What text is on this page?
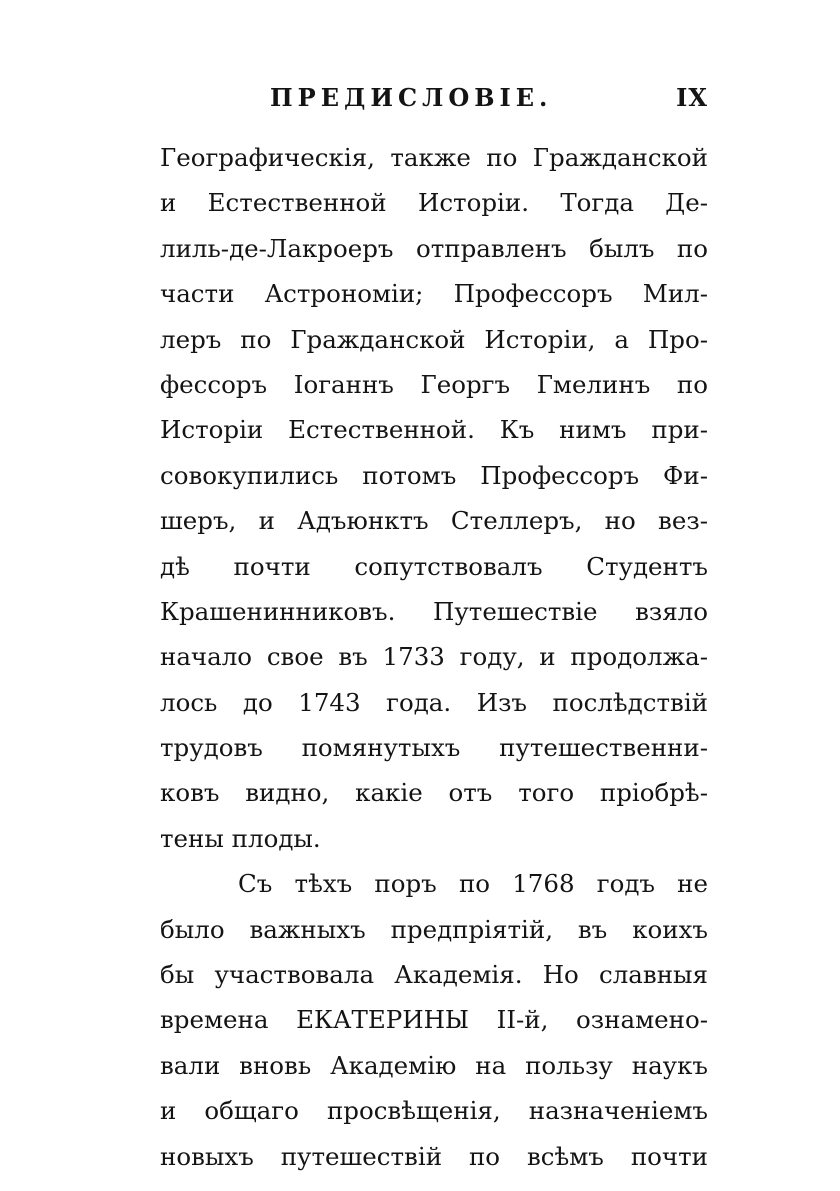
ПРЕДИСЛОВІЕ.	IX
Географическія, также по Гражданской
и Естественной Исторіи. Тогда Де-
лиль-де-Лакроеръ отправленъ былъ по
части Астрономіи; Профессоръ Мил-
леръ по Гражданской Исторіи, а Про-
фессоръ Іоганнъ Георгъ Гмелинъ по
Исторіи Естественной. Къ нимъ при-
совокупились потомъ Профессоръ Фи-
шеръ, и Адъюнктъ Стеллеръ, но вез-
дѣ почти сопутствовалъ Студентъ
Крашенинниковъ. Путешествіе взяло
начало свое въ 1733 году, и продолжа-
лось до 1743 года. Изъ послѣдствій
трудовъ помянутыхъ путешественни-
ковъ видно, какіе отъ того пріобрѣ-
тены плоды.
Съ тѣхъ поръ по 1768 годъ не
было важныхъ предпріятій, въ коихъ
бы участвовала Академія. Но славныя
времена ЕКАТЕРИНЫ II-й, ознамено-
вали вновь Академію на пользу наукъ
и общаго просвѣщенія, назначеніемъ
новыхъ путешествій по всѣмъ почти
